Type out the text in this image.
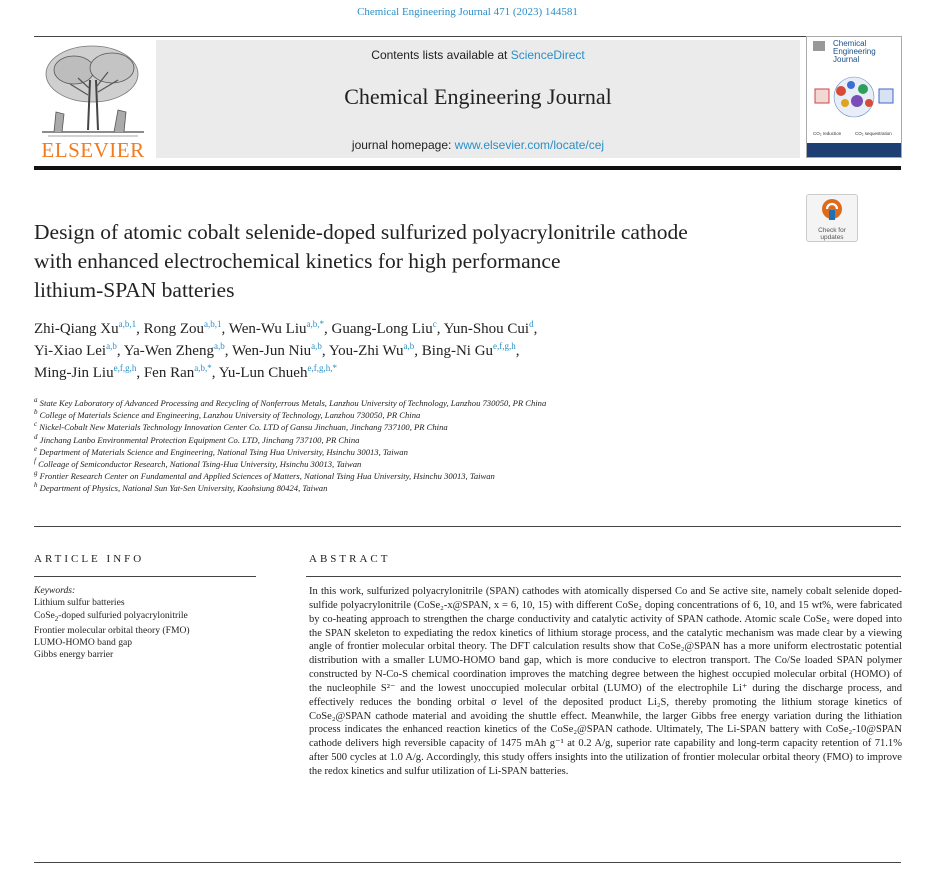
Chemical Engineering Journal 471 (2023) 144581
ELSEVIER
Contents lists available at ScienceDirect
Chemical Engineering Journal
journal homepage: www.elsevier.com/locate/cej
Chemical
Engineering
Journal
CO₂ reduction	CO₂ sequestration
Check for
updates
Design of atomic cobalt selenide-doped sulfurized polyacrylonitrile cathode
with enhanced electrochemical kinetics for high performance
lithium-SPAN batteries
Zhi-Qiang Xu$^{a,b,1}$, Rong Zou$^{a,b,1}$, Wen-Wu Liu$^{a,b,*}$, Guang-Long Liu$^c$, Yun-Shou Cui$^d$,
Yi-Xiao Lei$^{a,b}$, Ya-Wen Zheng$^{a,b}$, Wen-Jun Niu$^{a,b}$, You-Zhi Wu$^{a,b}$, Bing-Ni Gu$^{e,f,g,h}$,
Ming-Jin Liu$^{e,f,g,h}$, Fen Ran$^{a,b,*}$, Yu-Lun Chueh$^{e,f,g,h,*}$
$^a$ State Key Laboratory of Advanced Processing and Recycling of Nonferrous Metals, Lanzhou University of Technology, Lanzhou 730050, PR China
$^b$ College of Materials Science and Engineering, Lanzhou University of Technology, Lanzhou 730050, PR China
$^c$ Nickel-Cobalt New Materials Technology Innovation Center Co. LTD of Gansu Jinchuan, Jinchang 737100, PR China
$^d$ Jinchang Lanbo Environmental Protection Equipment Co. LTD, Jinchang 737100, PR China
$^e$ Department of Materials Science and Engineering, National Tsing Hua University, Hsinchu 30013, Taiwan
$^f$ Colleage of Semiconductor Research, National Tsing-Hua University, Hsinchu 30013, Taiwan
$^g$ Frontier Research Center on Fundamental and Applied Sciences of Matters, National Tsing Hua University, Hsinchu 30013, Taiwan
$^h$ Department of Physics, National Sun Yat-Sen University, Kaohsiung 80424, Taiwan
ARTICLE INFO
Keywords:
Lithium sulfur batteries
CoSe$_2$-doped sulfuried polyacrylonitrile
Frontier molecular orbital theory (FMO)
LUMO-HOMO band gap
Gibbs energy barrier
ABSTRACT
In this work, sulfurized polyacrylonitrile (SPAN) cathodes with atomically dispersed Co and Se active site, namely cobalt selenide doped-sulfide polyacrylonitrile (CoSe₂-x@SPAN, x = 6, 10, 15) with different CoSe₂ doping concentrations of 6, 10, and 15 wt%, were fabricated by co-heating approach to strengthen the charge conductivity and catalytic activity of SPAN cathode. Atomic scale CoSe₂ were doped into the SPAN skeleton to expediating the redox kinetics of lithium storage process, and the catalytic mechanism was made clear by a viewing angle of frontier molecular orbital theory. The DFT calculation results show that CoSe₂@SPAN has a more uniform electrostatic potential distribution with a smaller LUMO-HOMO band gap, which is more conducive to electron transport. The Co/Se loaded SPAN polymer constructed by N-Co-S chemical coordination improves the matching degree between the highest occupied molecular orbital (HOMO) of the nucleophile S²⁻ and the lowest unoccupied molecular orbital (LUMO) of the electrophile Li⁺ during the discharge process, and effectively reduces the bonding orbital σ level of the deposited product Li₂S, thereby promoting the lithium storage kinetics of CoSe₂@SPAN cathode material and avoiding the shuttle effect. Meanwhile, the larger Gibbs free energy variation during the lithiation process indicates the enhanced reaction kinetics of the CoSe₂@SPAN cathode. Ultimately, The Li-SPAN battery with CoSe₂-10@SPAN cathode delivers high reversible capacity of 1475 mAh g⁻¹ at 0.2 A/g, superior rate capability and long-term capacity retention of 71.1% after 500 cycles at 1.0 A/g. Accordingly, this study offers insights into the utilization of frontier molecular orbital theory (FMO) to improve the redox kinetics and sulfur utilization of Li-SPAN batteries.
